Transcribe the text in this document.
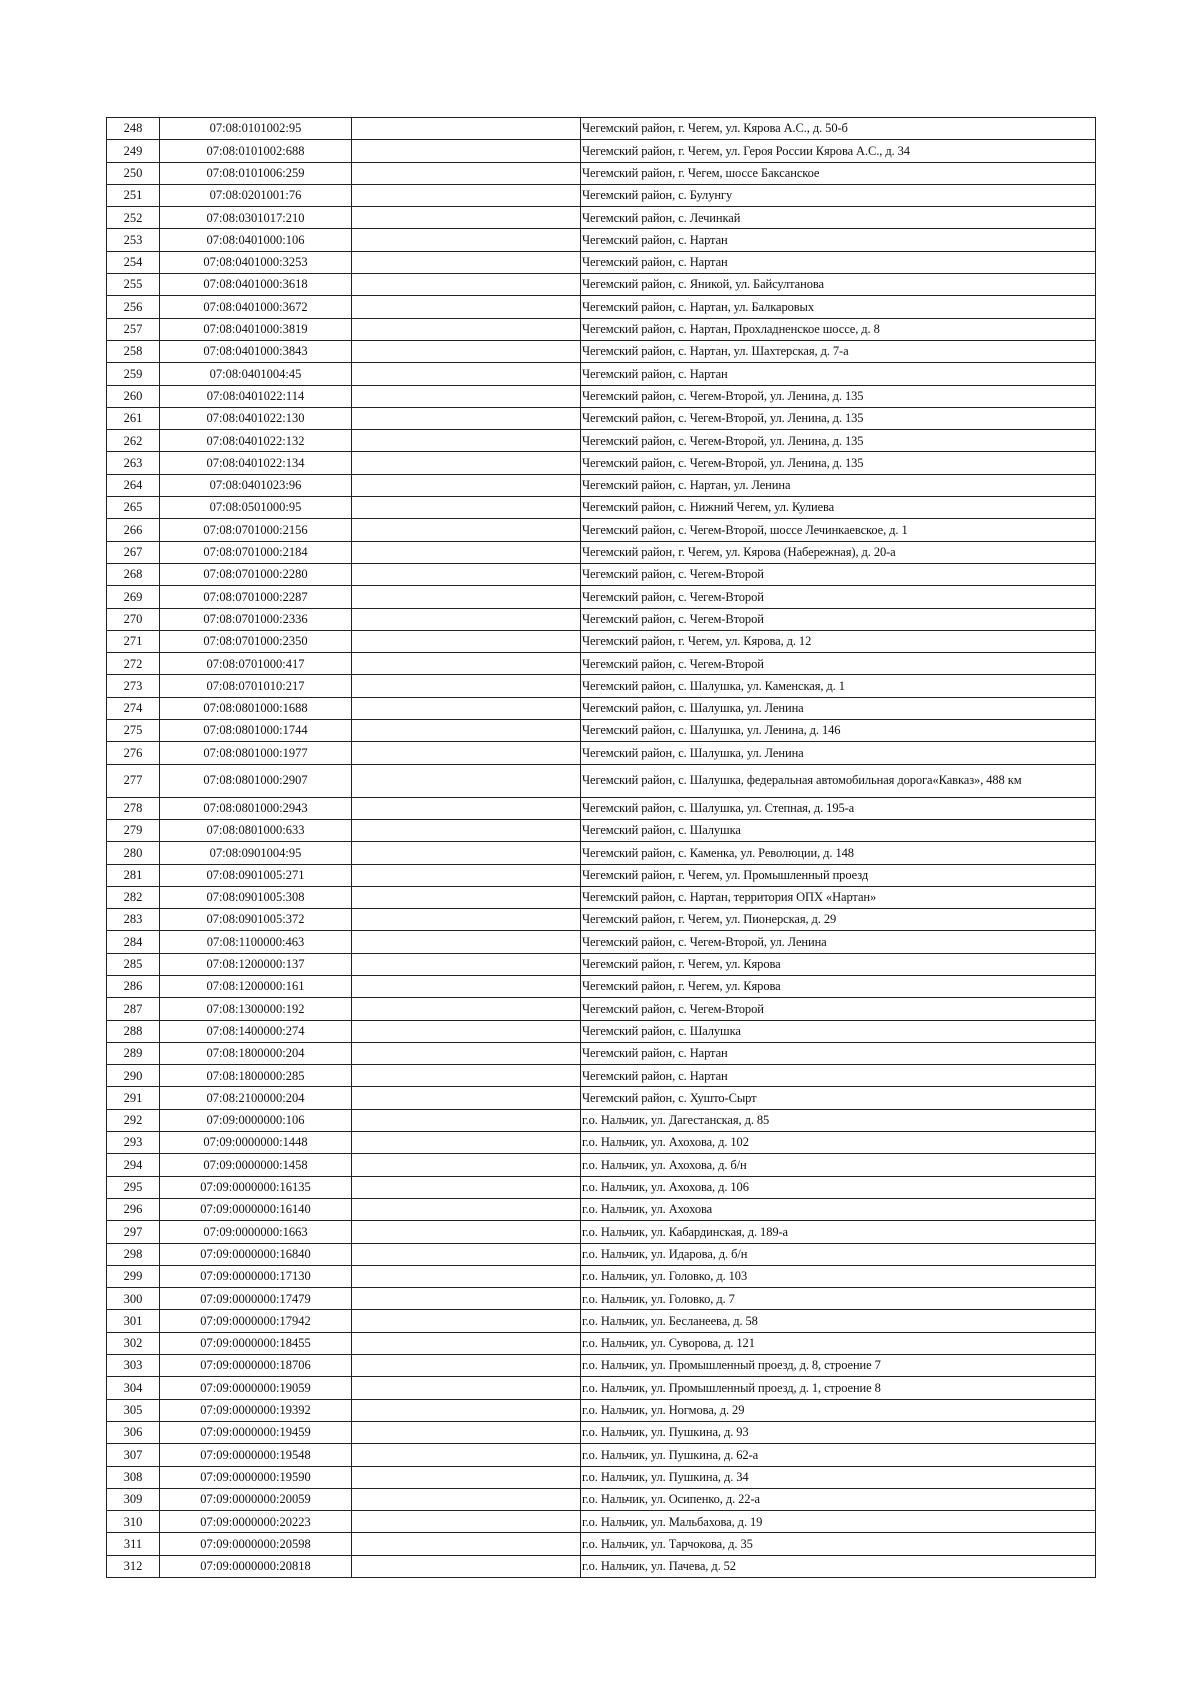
248	07:08:0101002:95		Чегемский район, г. Чегем, ул. Кярова А.С., д. 50-б
249	07:08:0101002:688		Чегемский район, г. Чегем, ул. Героя России Кярова А.С., д. 34
250	07:08:0101006:259		Чегемский район, г. Чегем, шоссе Баксанское
251	07:08:0201001:76		Чегемский район, с. Булунгу
252	07:08:0301017:210		Чегемский район, с. Лечинкай
253	07:08:0401000:106		Чегемский район, с. Нартан
254	07:08:0401000:3253		Чегемский район, с. Нартан
255	07:08:0401000:3618		Чегемский район, с. Яникой, ул. Байсултанова
256	07:08:0401000:3672		Чегемский район, с. Нартан, ул. Балкаровых
257	07:08:0401000:3819		Чегемский район, с. Нартан, Прохладненское шоссе, д. 8
258	07:08:0401000:3843		Чегемский район, с. Нартан, ул. Шахтерская, д. 7-а
259	07:08:0401004:45		Чегемский район, с. Нартан
260	07:08:0401022:114		Чегемский район, с. Чегем-Второй, ул. Ленина, д. 135
261	07:08:0401022:130		Чегемский район, с. Чегем-Второй, ул. Ленина, д. 135
262	07:08:0401022:132		Чегемский район, с. Чегем-Второй, ул. Ленина, д. 135
263	07:08:0401022:134		Чегемский район, с. Чегем-Второй, ул. Ленина, д. 135
264	07:08:0401023:96		Чегемский район, с. Нартан, ул. Ленина
265	07:08:0501000:95		Чегемский район, с. Нижний Чегем, ул. Кулиева
266	07:08:0701000:2156		Чегемский район, с. Чегем-Второй, шоссе Лечинкаевское, д. 1
267	07:08:0701000:2184		Чегемский район, г. Чегем, ул. Кярова (Набережная), д. 20-а
268	07:08:0701000:2280		Чегемский район, с. Чегем-Второй
269	07:08:0701000:2287		Чегемский район, с. Чегем-Второй
270	07:08:0701000:2336		Чегемский район, с. Чегем-Второй
271	07:08:0701000:2350		Чегемский район, г. Чегем, ул. Кярова, д. 12
272	07:08:0701000:417		Чегемский район, с. Чегем-Второй
273	07:08:0701010:217		Чегемский район, с. Шалушка, ул. Каменская, д. 1
274	07:08:0801000:1688		Чегемский район, с. Шалушка, ул. Ленина
275	07:08:0801000:1744		Чегемский район, с. Шалушка, ул. Ленина, д. 146
276	07:08:0801000:1977		Чегемский район, с. Шалушка, ул. Ленина
277	07:08:0801000:2907		Чегемский район, с. Шалушка, федеральная автомобильная дорога«Кавказ», 488 км
278	07:08:0801000:2943		Чегемский район, с. Шалушка, ул. Степная, д. 195-а
279	07:08:0801000:633		Чегемский район, с. Шалушка
280	07:08:0901004:95		Чегемский район, с. Каменка, ул. Революции, д. 148
281	07:08:0901005:271		Чегемский район, г. Чегем, ул. Промышленный проезд
282	07:08:0901005:308		Чегемский район, с. Нартан, территория ОПХ «Нартан»
283	07:08:0901005:372		Чегемский район, г. Чегем, ул. Пионерская, д. 29
284	07:08:1100000:463		Чегемский район, с. Чегем-Второй, ул. Ленина
285	07:08:1200000:137		Чегемский район, г. Чегем, ул. Кярова
286	07:08:1200000:161		Чегемский район, г. Чегем, ул. Кярова
287	07:08:1300000:192		Чегемский район, с. Чегем-Второй
288	07:08:1400000:274		Чегемский район, с. Шалушка
289	07:08:1800000:204		Чегемский район, с. Нартан
290	07:08:1800000:285		Чегемский район, с. Нартан
291	07:08:2100000:204		Чегемский район, с. Хушто-Сырт
292	07:09:0000000:106		г.о. Нальчик, ул. Дагестанская, д. 85
293	07:09:0000000:1448		г.о. Нальчик, ул. Ахохова, д. 102
294	07:09:0000000:1458		г.о. Нальчик, ул. Ахохова, д. б/н
295	07:09:0000000:16135		г.о. Нальчик, ул. Ахохова, д. 106
296	07:09:0000000:16140		г.о. Нальчик, ул. Ахохова
297	07:09:0000000:1663		г.о. Нальчик, ул. Кабардинская, д. 189-а
298	07:09:0000000:16840		г.о. Нальчик, ул. Идарова, д. б/н
299	07:09:0000000:17130		г.о. Нальчик, ул. Головко, д. 103
300	07:09:0000000:17479		г.о. Нальчик, ул. Головко, д. 7
301	07:09:0000000:17942		г.о. Нальчик, ул. Бесланеева, д. 58
302	07:09:0000000:18455		г.о. Нальчик, ул. Суворова, д. 121
303	07:09:0000000:18706		г.о. Нальчик, ул. Промышленный проезд, д. 8, строение 7
304	07:09:0000000:19059		г.о. Нальчик, ул. Промышленный проезд, д. 1, строение 8
305	07:09:0000000:19392		г.о. Нальчик, ул. Ногмова, д. 29
306	07:09:0000000:19459		г.о. Нальчик, ул. Пушкина, д. 93
307	07:09:0000000:19548		г.о. Нальчик, ул. Пушкина, д. 62-а
308	07:09:0000000:19590		г.о. Нальчик, ул. Пушкина, д. 34
309	07:09:0000000:20059		г.о. Нальчик, ул. Осипенко, д. 22-а
310	07:09:0000000:20223		г.о. Нальчик, ул. Мальбахова, д. 19
311	07:09:0000000:20598		г.о. Нальчик, ул. Тарчокова, д. 35
312	07:09:0000000:20818		г.о. Нальчик, ул. Пачева, д. 52
